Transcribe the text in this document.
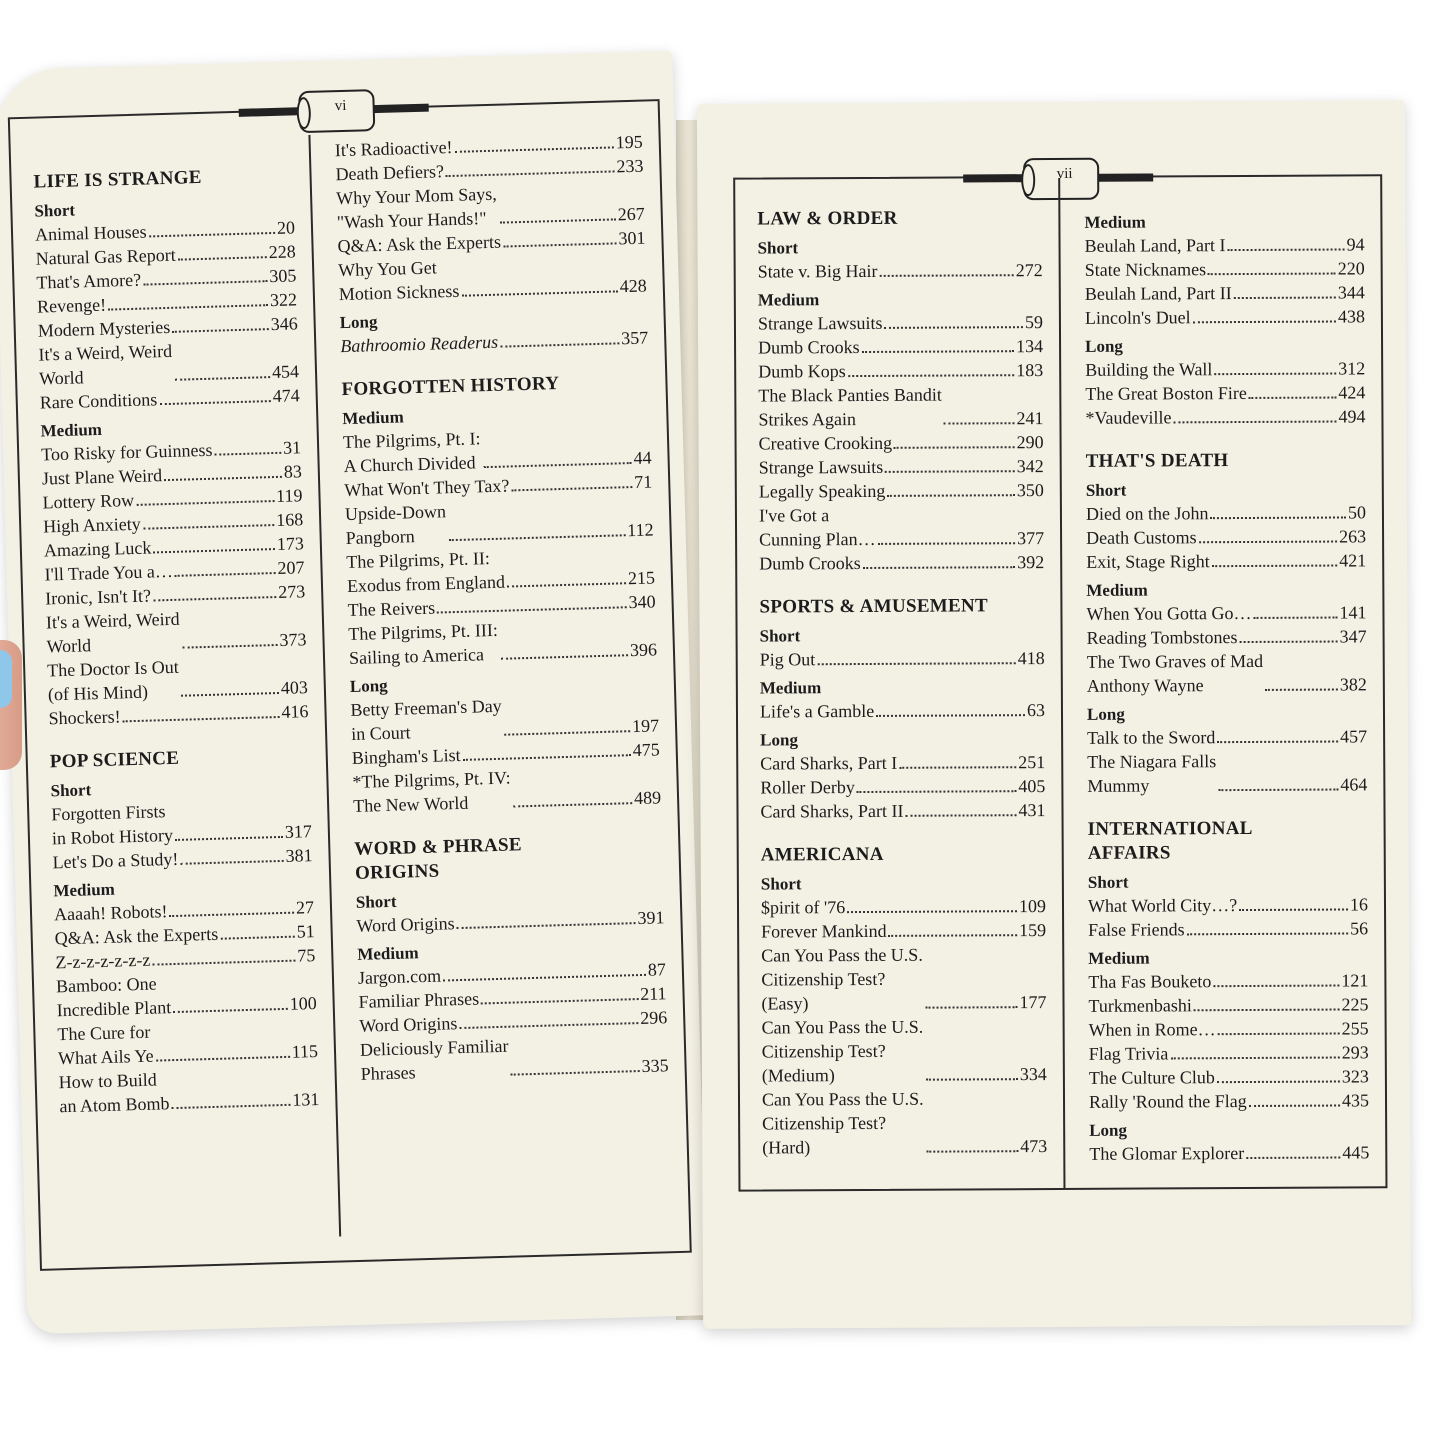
vi
LIFE IS STRANGE
Short
Animal Houses	20
Natural Gas Report	228
That's Amore?	305
Revenge!	322
Modern Mysteries	346
It's a Weird, Weird
World	454
Rare Conditions	474
Medium
Too Risky for Guinness	31
Just Plane Weird	83
Lottery Row	119
High Anxiety	168
Amazing Luck	173
I'll Trade You a…	207
Ironic, Isn't It?	273
It's a Weird, Weird
World	373
The Doctor Is Out
(of His Mind)	403
Shockers!	416
POP SCIENCE
Short
Forgotten Firsts
in Robot History	317
Let's Do a Study!	381
Medium
Aaaah! Robots!	27
Q&A: Ask the Experts	51
Z-z-z-z-z-z-z	75
Bamboo: One
Incredible Plant	100
The Cure for
What Ails Ye	115
How to Build
an Atom Bomb	131
It's Radioactive!	195
Death Defiers?	233
Why Your Mom Says,
"Wash Your Hands!"	267
Q&A: Ask the Experts	301
Why You Get
Motion Sickness	428
Long
Bathroomio Readerus	357
FORGOTTEN HISTORY
Medium
The Pilgrims, Pt. I:
A Church Divided	44
What Won't They Tax?	71
Upside-Down
Pangborn	112
The Pilgrims, Pt. II:
Exodus from England	215
The Reivers	340
The Pilgrims, Pt. III:
Sailing to America	396
Long
Betty Freeman's Day
in Court	197
Bingham's List	475
*The Pilgrims, Pt. IV:
The New World	489
WORD & PHRASE
ORIGINS
Short
Word Origins	391
Medium
Jargon.com	87
Familiar Phrases	211
Word Origins	296
Deliciously Familiar
Phrases	335
vii
LAW & ORDER
Short
State v. Big Hair	272
Medium
Strange Lawsuits	59
Dumb Crooks	134
Dumb Kops	183
The Black Panties Bandit
Strikes Again	241
Creative Crooking	290
Strange Lawsuits	342
Legally Speaking	350
I've Got a
Cunning Plan…	377
Dumb Crooks	392
SPORTS & AMUSEMENT
Short
Pig Out	418
Medium
Life's a Gamble	63
Long
Card Sharks, Part I	251
Roller Derby	405
Card Sharks, Part II	431
AMERICANA
Short
$pirit of '76	109
Forever Mankind	159
Can You Pass the U.S.
Citizenship Test?
(Easy)	177
Can You Pass the U.S.
Citizenship Test?
(Medium)	334
Can You Pass the U.S.
Citizenship Test?
(Hard)	473
Medium
Beulah Land, Part I	94
State Nicknames	220
Beulah Land, Part II	344
Lincoln's Duel	438
Long
Building the Wall	312
The Great Boston Fire	424
*Vaudeville	494
THAT'S DEATH
Short
Died on the John	50
Death Customs	263
Exit, Stage Right	421
Medium
When You Gotta Go…	141
Reading Tombstones	347
The Two Graves of Mad
Anthony Wayne	382
Long
Talk to the Sword	457
The Niagara Falls
Mummy	464
INTERNATIONAL
AFFAIRS
Short
What World City…?	16
False Friends	56
Medium
Tha Fas Bouketo	121
Turkmenbashi	225
When in Rome…	255
Flag Trivia	293
The Culture Club	323
Rally 'Round the Flag	435
Long
The Glomar Explorer	445
